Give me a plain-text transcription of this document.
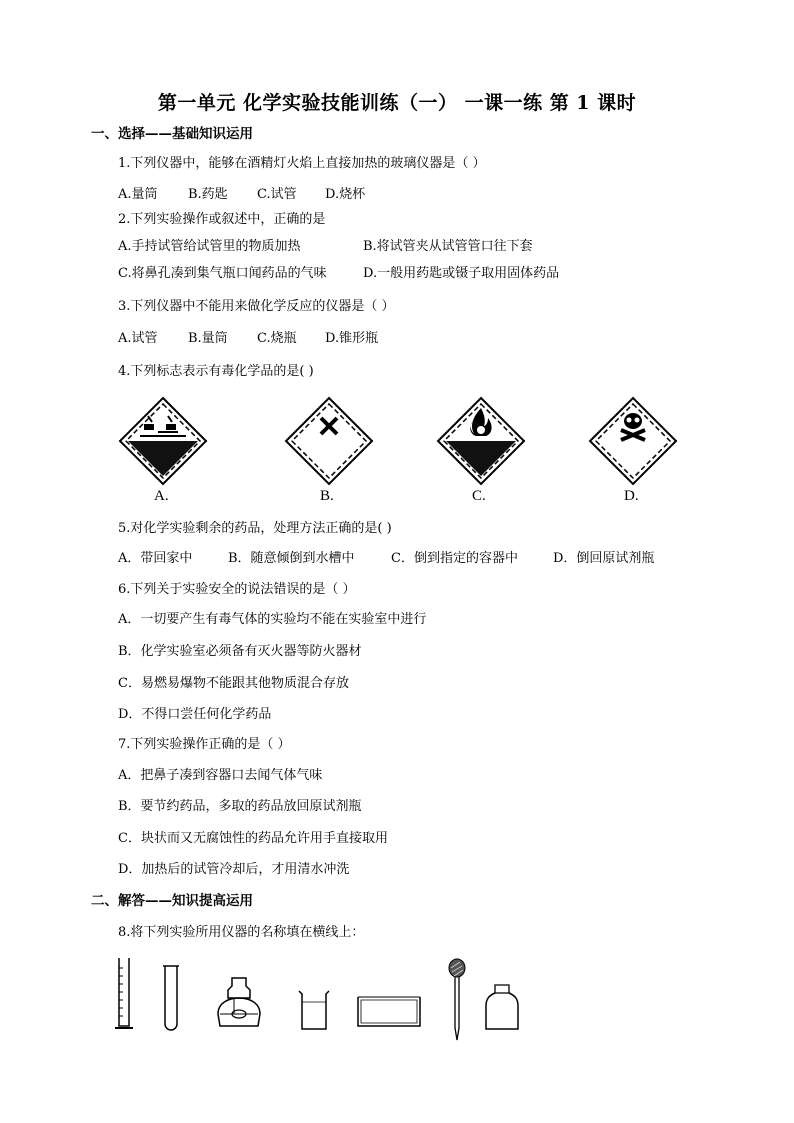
第一单元 化学实验技能训练（一） 一课一练 第 1 课时
一、选择——基础知识运用
1.下列仪器中，能够在酒精灯火焰上直接加热的玻璃仪器是（ ）
A.量筒 B.药匙 C.试管 D.烧杯
2.下列实验操作或叙述中，正确的是
A.手持试管给试管里的物质加热	B.将试管夹从试管管口往下套
C.将鼻孔凑到集气瓶口闻药品的气味	D.一般用药匙或镊子取用固体药品
3.下列仪器中不能用来做化学反应的仪器是（ ）
A.试管 B.量筒 C.烧瓶 D.锥形瓶
4.下列标志表示有毒化学品的是( )
A.	B.	C.	D.
5.对化学实验剩余的药品，处理方法正确的是( )
A．带回家中	B．随意倾倒到水槽中	C．倒到指定的容器中	D．倒回原试剂瓶
6.下列关于实验安全的说法错误的是（ ）
A．一切要产生有毒气体的实验均不能在实验室中进行
B．化学实验室必须备有灭火器等防火器材
C．易燃易爆物不能跟其他物质混合存放
D．不得口尝任何化学药品
7.下列实验操作正确的是（ ）
A．把鼻子凑到容器口去闻气体气味
B．要节约药品，多取的药品放回原试剂瓶
C．块状而又无腐蚀性的药品允许用手直接取用
D．加热后的试管冷却后，才用清水冲洗
二、解答——知识提高运用
8.将下列实验所用仪器的名称填在横线上：
